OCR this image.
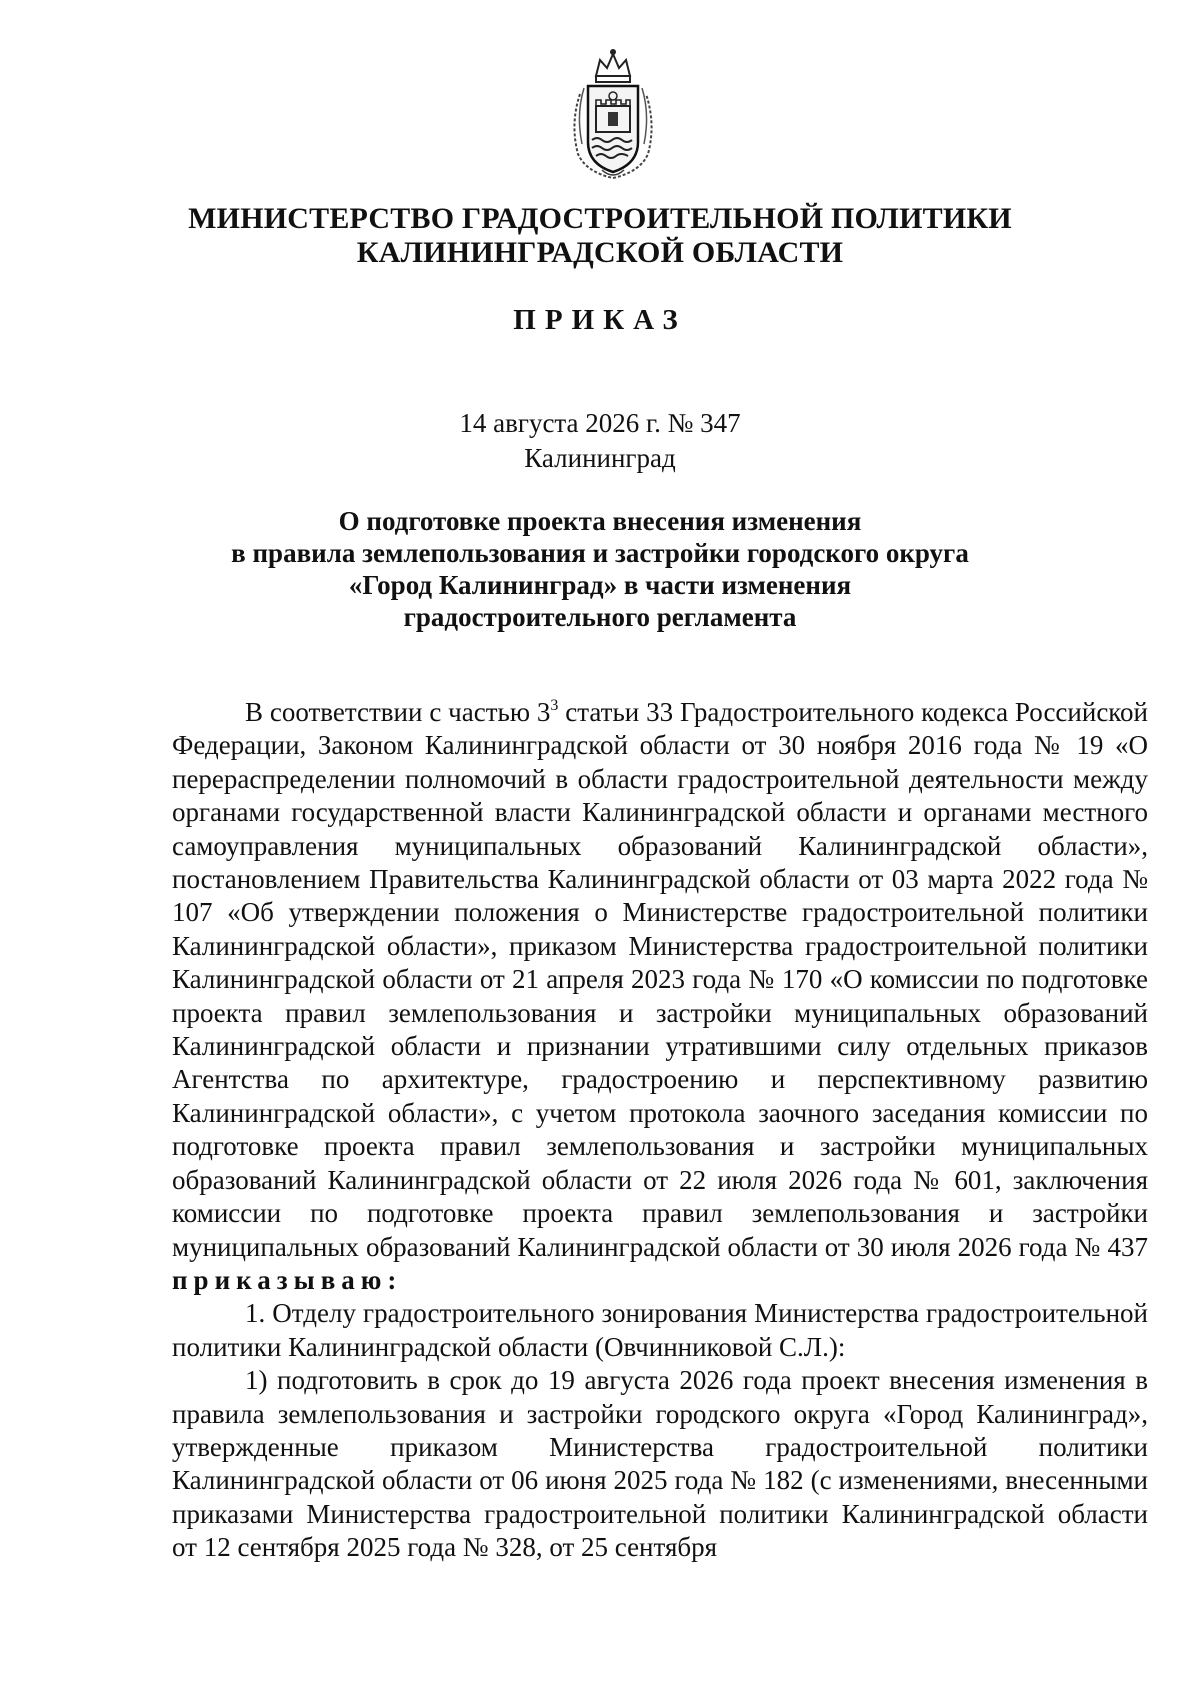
МИНИСТЕРСТВО ГРАДОСТРОИТЕЛЬНОЙ ПОЛИТИКИ
КАЛИНИНГРАДСКОЙ ОБЛАСТИ
ПРИКАЗ
14 августа 2026 г. № 347
Калининград
О подготовке проекта внесения изменения
в правила землепользования и застройки городского округа
«Город Калининград» в части изменения
градостроительного регламента

В соответствии с частью $3^3$ статьи 33 Градостроительного кодекса Российской Федерации, Законом Калининградской области от 30 ноября 2016 года № 19 «О перераспределении полномочий в области градостроительной деятельности между органами государственной власти Калининградской области и органами местного самоуправления муниципальных образований Калининградской области», постановлением Правительства Калининградской области от 03 марта 2022 года № 107 «Об утверждении положения о Министерстве градостроительной политики Калининградской области», приказом Министерства градостроительной политики Калининградской области от 21 апреля 2023 года № 170 «О комиссии по подготовке проекта правил землепользования и застройки муниципальных образований Калининградской области и признании утратившими силу отдельных приказов Агентства по архитектуре, градостроению и перспективному развитию Калининградской области», с учетом протокола заочного заседания комиссии по подготовке проекта правил землепользования и застройки муниципальных образований Калининградской области от 22 июля 2026 года № 601, заключения комиссии по подготовке проекта правил землепользования и застройки муниципальных образований Калининградской области от 30 июля 2026 года № 437 приказываю:

1. Отделу градостроительного зонирования Министерства градостроительной политики Калининградской области (Овчинниковой С.Л.):

1) подготовить в срок до 19 августа 2026 года проект внесения изменения в правила землепользования и застройки городского округа «Город Калининград», утвержденные приказом Министерства градостроительной политики Калининградской области от 06 июня 2025 года № 182 (с изменениями, внесенными приказами Министерства градостроительной политики Калининградской области от 12 сентября 2025 года № 328, от 25 сентября
